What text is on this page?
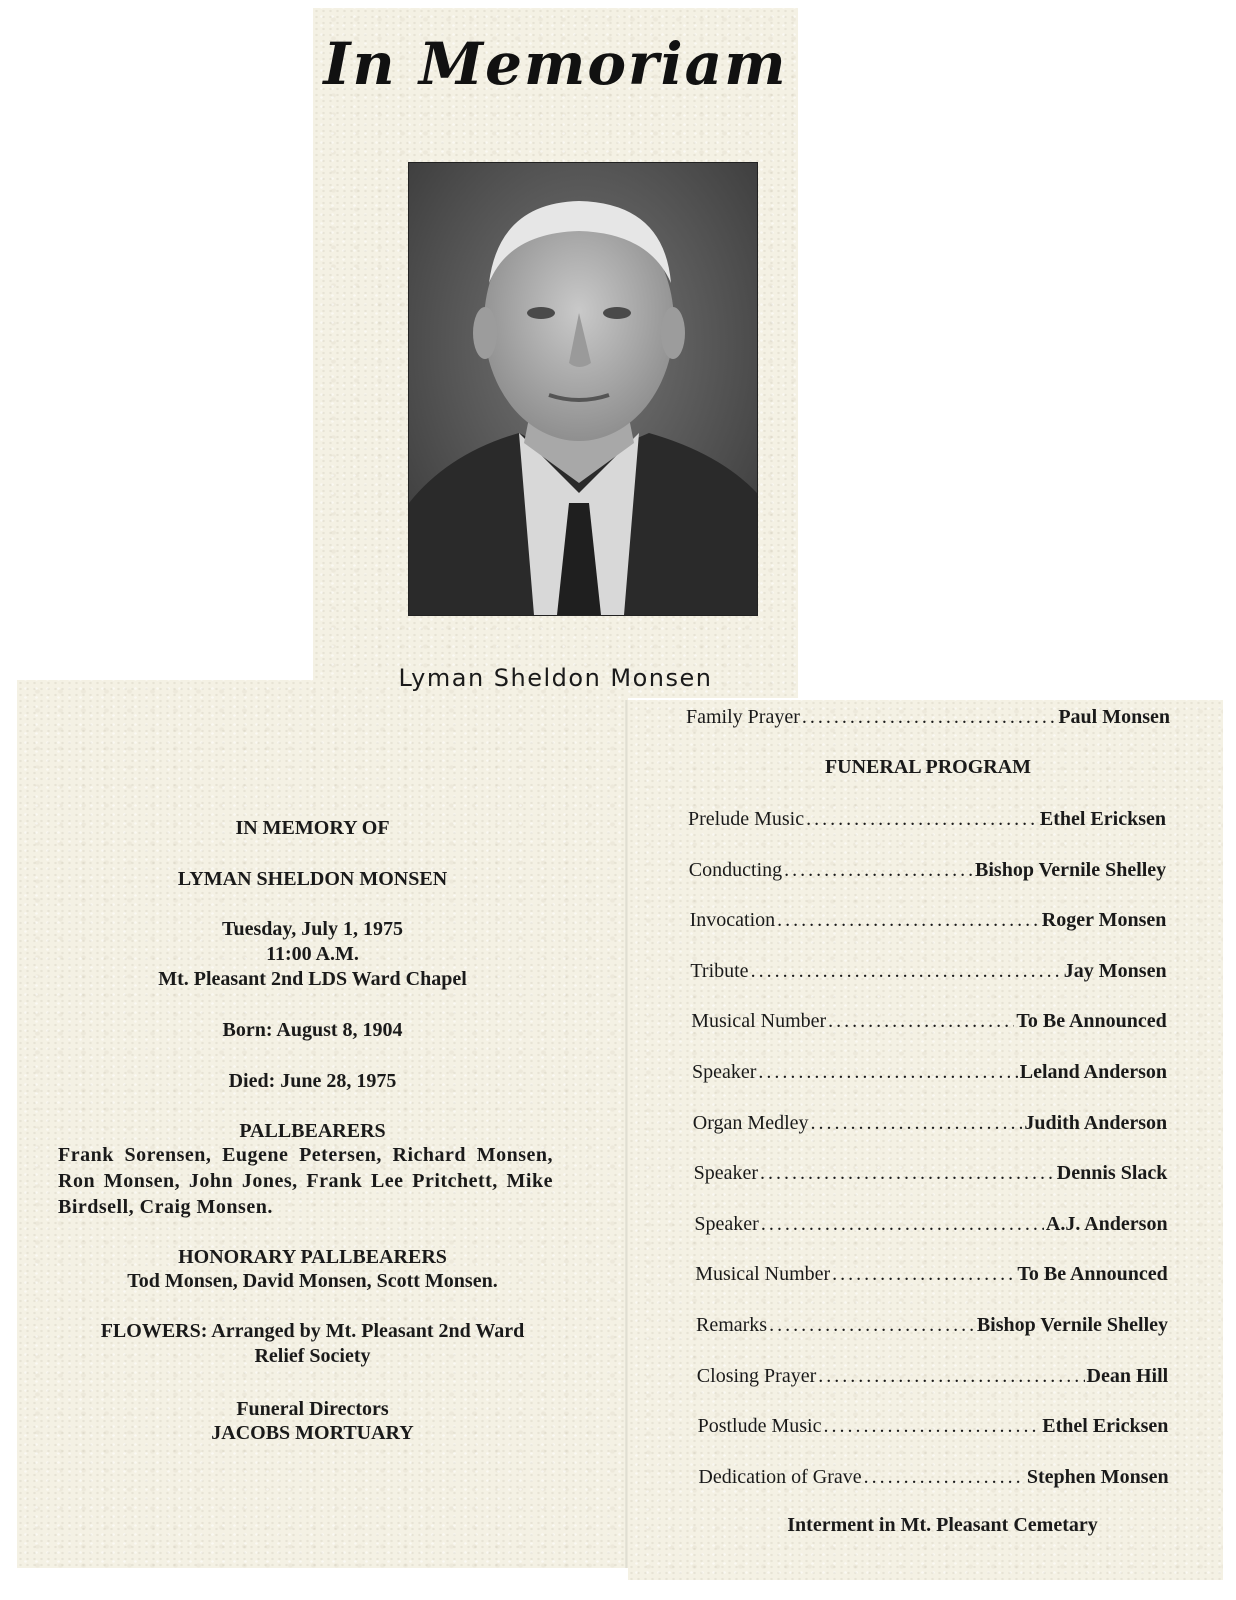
In Memoriam
Lyman Sheldon Monsen
IN MEMORY OF
LYMAN SHELDON MONSEN
Tuesday, July 1, 1975
11:00 A.M.
Mt. Pleasant 2nd LDS Ward Chapel
Born: August 8, 1904
Died: June 28, 1975
PALLBEARERS
Frank Sorensen, Eugene Petersen, Richard Monsen, Ron Monsen, John Jones, Frank Lee Pritchett, Mike Birdsell, Craig Monsen.
HONORARY PALLBEARERS
Tod Monsen, David Monsen, Scott Monsen.
FLOWERS: Arranged by Mt. Pleasant 2nd Ward
Relief Society
Funeral Directors
JACOBS MORTUARY
Family Prayer .....	Paul Monsen
FUNERAL PROGRAM
Prelude Music .....	Ethel Ericksen
Conducting .....	Bishop Vernile Shelley
Invocation .....	Roger Monsen
Tribute .....	Jay Monsen
Musical Number .....	To Be Announced
Speaker .....	Leland Anderson
Organ Medley .....	Judith Anderson
Speaker .....	Dennis Slack
Speaker .....	A.J. Anderson
Musical Number .....	To Be Announced
Remarks .....	Bishop Vernile Shelley
Closing Prayer .....	Dean Hill
Postlude Music .....	Ethel Ericksen
Dedication of Grave .....	Stephen Monsen
Interment in Mt. Pleasant Cemetary
